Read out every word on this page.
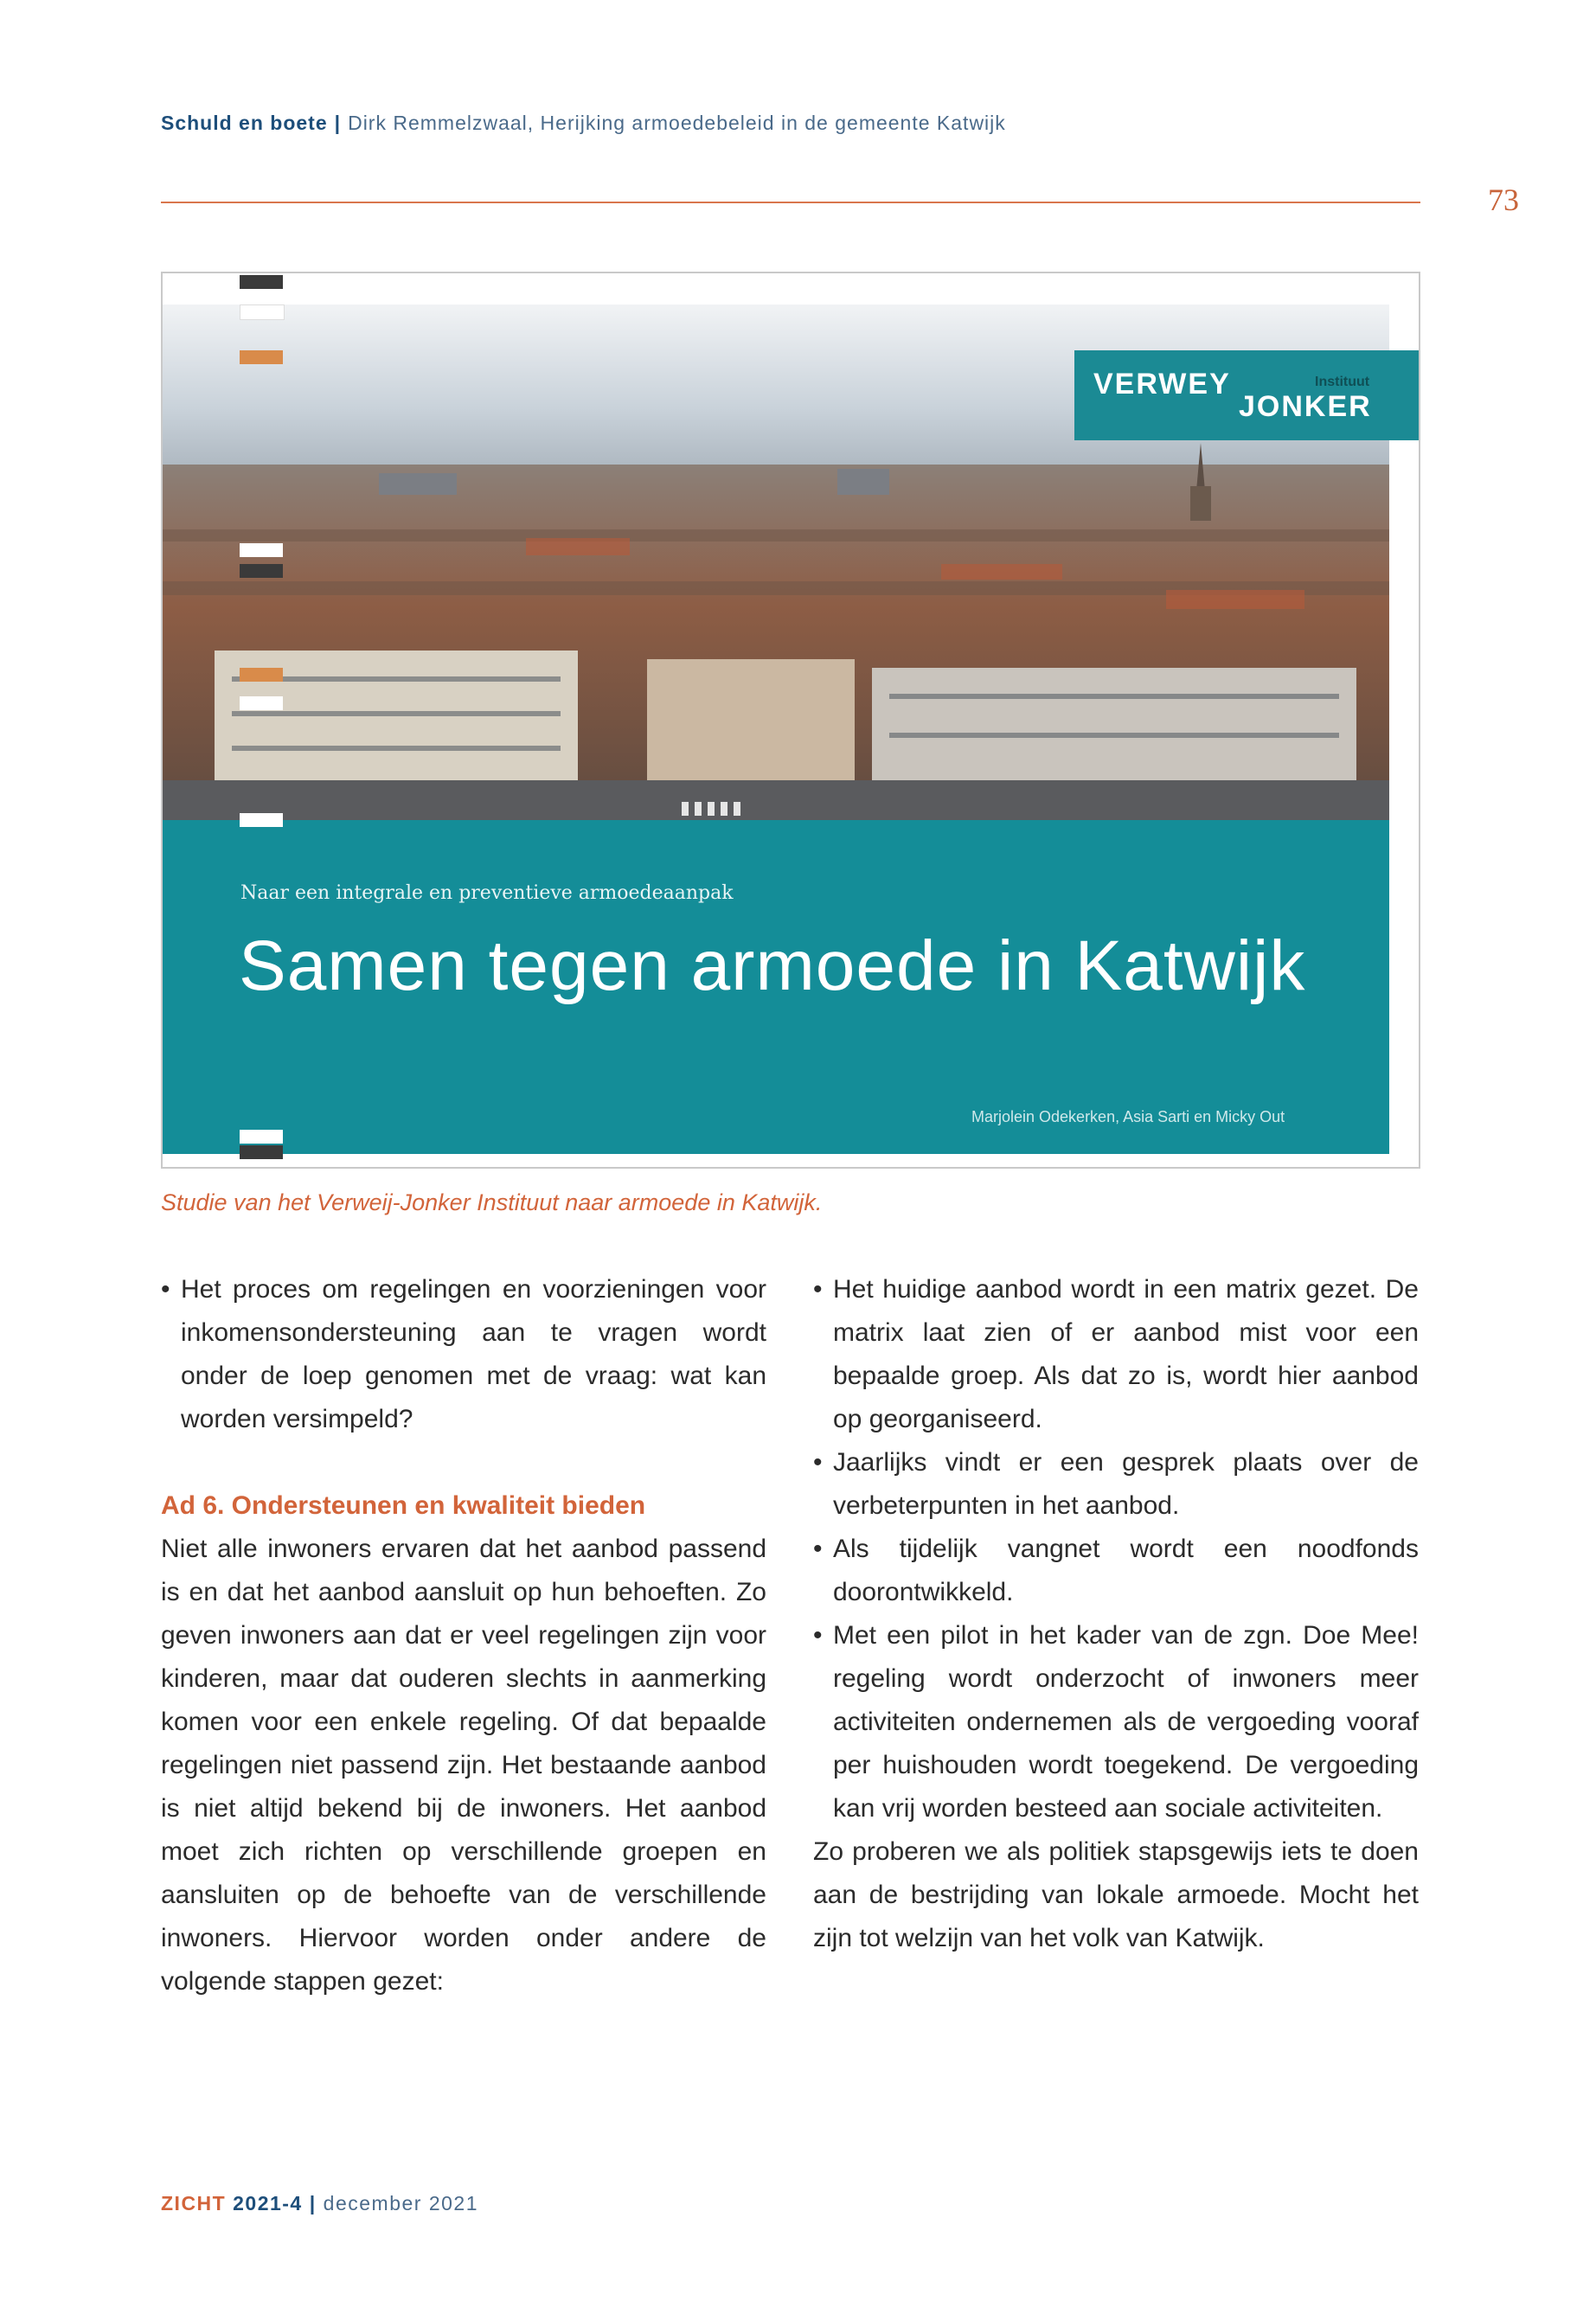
Schuld en boete | Dirk Remmelzwaal, Herijking armoedebeleid in de gemeente Katwijk
73
VERWEY	Instituut
JONKER
Naar een integrale en preventieve armoedeaanpak
Samen tegen armoede in Katwijk
Marjolein Odekerken, Asia Sarti en Micky Out
Studie van het Verweij-Jonker Instituut naar armoede in Katwijk.
• Het proces om regelingen en voorzieningen voor inkomensondersteuning aan te vragen wordt onder de loep genomen met de vraag: wat kan worden versimpeld?
Ad 6. Ondersteunen en kwaliteit bieden
Niet alle inwoners ervaren dat het aanbod passend is en dat het aanbod aansluit op hun behoeften. Zo geven inwoners aan dat er veel regelingen zijn voor kinderen, maar dat ouderen slechts in aanmerking komen voor een enkele regeling. Of dat bepaalde regelingen niet passend zijn. Het bestaande aanbod is niet altijd bekend bij de inwoners. Het aanbod moet zich richten op verschillende groepen en aansluiten op de behoefte van de verschillende inwoners. Hiervoor worden onder andere de volgende stappen gezet:
• Het huidige aanbod wordt in een matrix gezet. De matrix laat zien of er aanbod mist voor een bepaalde groep. Als dat zo is, wordt hier aanbod op georganiseerd.
• Jaarlijks vindt er een gesprek plaats over de verbeterpunten in het aanbod.
• Als tijdelijk vangnet wordt een noodfonds doorontwikkeld.
• Met een pilot in het kader van de zgn. Doe Mee! regeling wordt onderzocht of inwoners meer activiteiten ondernemen als de vergoeding vooraf per huishouden wordt toegekend. De vergoeding kan vrij worden besteed aan sociale activiteiten.
Zo proberen we als politiek stapsgewijs iets te doen aan de bestrijding van lokale armoede. Mocht het zijn tot welzijn van het volk van Katwijk.
ZICHT 2021-4 | december 2021
